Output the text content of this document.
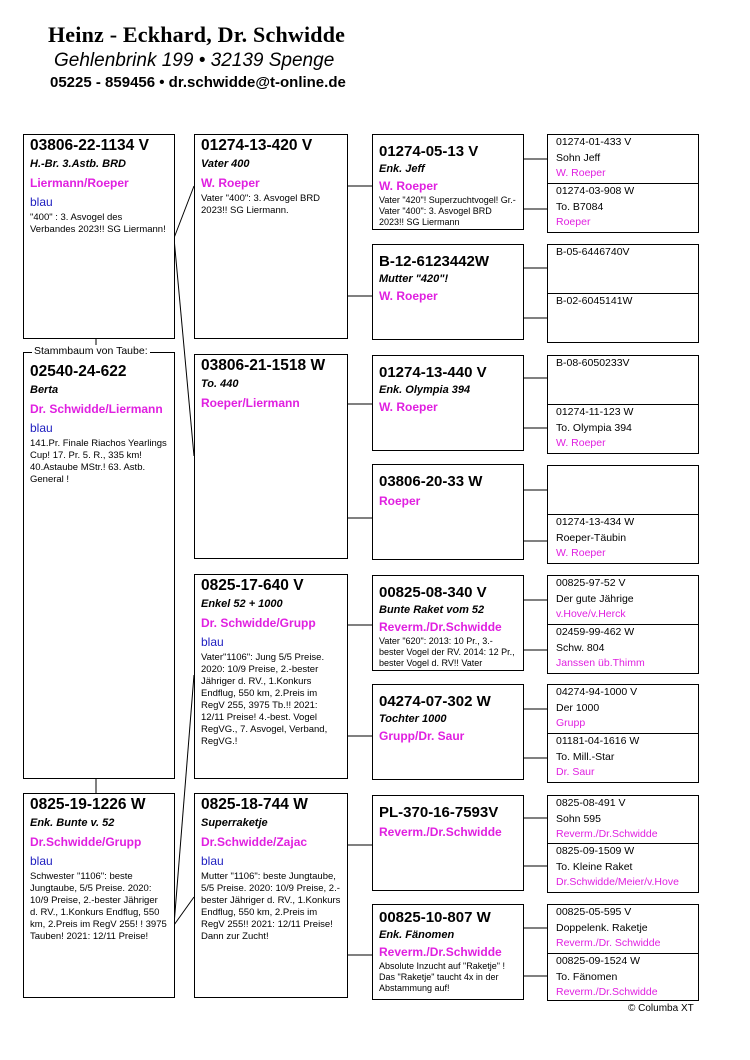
Heinz - Eckhard, Dr. Schwidde
Gehlenbrink 199 • 32139 Spenge
05225 - 859456 • dr.schwidde@t-online.de
03806-22-1134 V
H.-Br. 3.Astb. BRD
Liermann/Roeper
blau
"400" : 3. Asvogel des Verbandes 2023!! SG Liermann!
02540-24-622
Berta
Dr. Schwidde/Liermann
blau
141.Pr. Finale Riachos Yearlings Cup! 17. Pr. 5. R., 335 km! 40.Astaube MStr.! 63. Astb. General !
Stammbaum von Taube:
0825-19-1226 W
Enk. Bunte v. 52
Dr.Schwidde/Grupp
blau
Schwester "1106": beste Jungtaube, 5/5 Preise. 2020: 10/9 Preise, 2.-bester Jähriger d. RV., 1.Konkurs Endflug, 550 km, 2.Preis im RegV 255! ! 3975 Tauben! 2021: 12/11 Preise!
01274-13-420 V
Vater 400
W. Roeper
Vater "400": 3. Asvogel BRD 2023!! SG Liermann.
03806-21-1518 W
To. 440
Roeper/Liermann
0825-17-640 V
Enkel 52 + 1000
Dr. Schwidde/Grupp
blau
Vater"1106": Jung 5/5 Preise. 2020: 10/9 Preise, 2.-bester Jähriger d. RV., 1.Konkurs Endflug, 550 km, 2.Preis im RegV 255, 3975 Tb.!! 2021: 12/11 Preise! 4.-best. Vogel RegVG., 7. Asvogel, Verband, RegVG.!
0825-18-744 W
Superraketje
Dr.Schwidde/Zajac
blau
Mutter "1106": beste Jungtaube, 5/5 Preise. 2020: 10/9 Preise, 2.-bester Jähriger d. RV., 1.Konkurs Endflug, 550 km, 2.Preis im RegV 255!! 2021: 12/11 Preise! Dann zur Zucht!
01274-05-13 V
Enk. Jeff
W. Roeper
Vater "420"! Superzuchtvogel! Gr.-Vater "400": 3. Asvogel BRD 2023!! SG Liermann
B-12-6123442W
Mutter "420"!
W. Roeper
01274-13-440 V
Enk. Olympia 394
W. Roeper
03806-20-33 W
Roeper
00825-08-340 V
Bunte Raket vom 52
Reverm./Dr.Schwidde
Vater "620": 2013: 10 Pr., 3.-bester Vogel der RV. 2014: 12 Pr., bester Vogel d. RV!! Vater
04274-07-302 W
Tochter 1000
Grupp/Dr. Saur
PL-370-16-7593V
Reverm./Dr.Schwidde
00825-10-807 W
Enk. Fänomen
Reverm./Dr.Schwidde
Absolute Inzucht auf "Raketje" ! Das "Raketje" taucht 4x in der Abstammung auf!
01274-01-433 V
Sohn Jeff
W. Roeper
01274-03-908 W
To. B7084
Roeper
B-05-6446740V
B-02-6045141W
B-08-6050233V
01274-11-123 W
To. Olympia 394
W. Roeper
01274-13-434 W
Roeper-Täubin
W. Roeper
00825-97-52 V
Der gute Jährige
v.Hove/v.Herck
02459-99-462 W
Schw. 804
Janssen üb.Thimm
04274-94-1000 V
Der 1000
Grupp
01181-04-1616 W
To. Mill.-Star
Dr. Saur
0825-08-491 V
Sohn 595
Reverm./Dr.Schwidde
0825-09-1509 W
To. Kleine Raket
Dr.Schwidde/Meier/v.Hove
00825-05-595 V
Doppelenk. Raketje
Reverm./Dr. Schwidde
00825-09-1524 W
To. Fänomen
Reverm./Dr.Schwidde
© Columba XT
